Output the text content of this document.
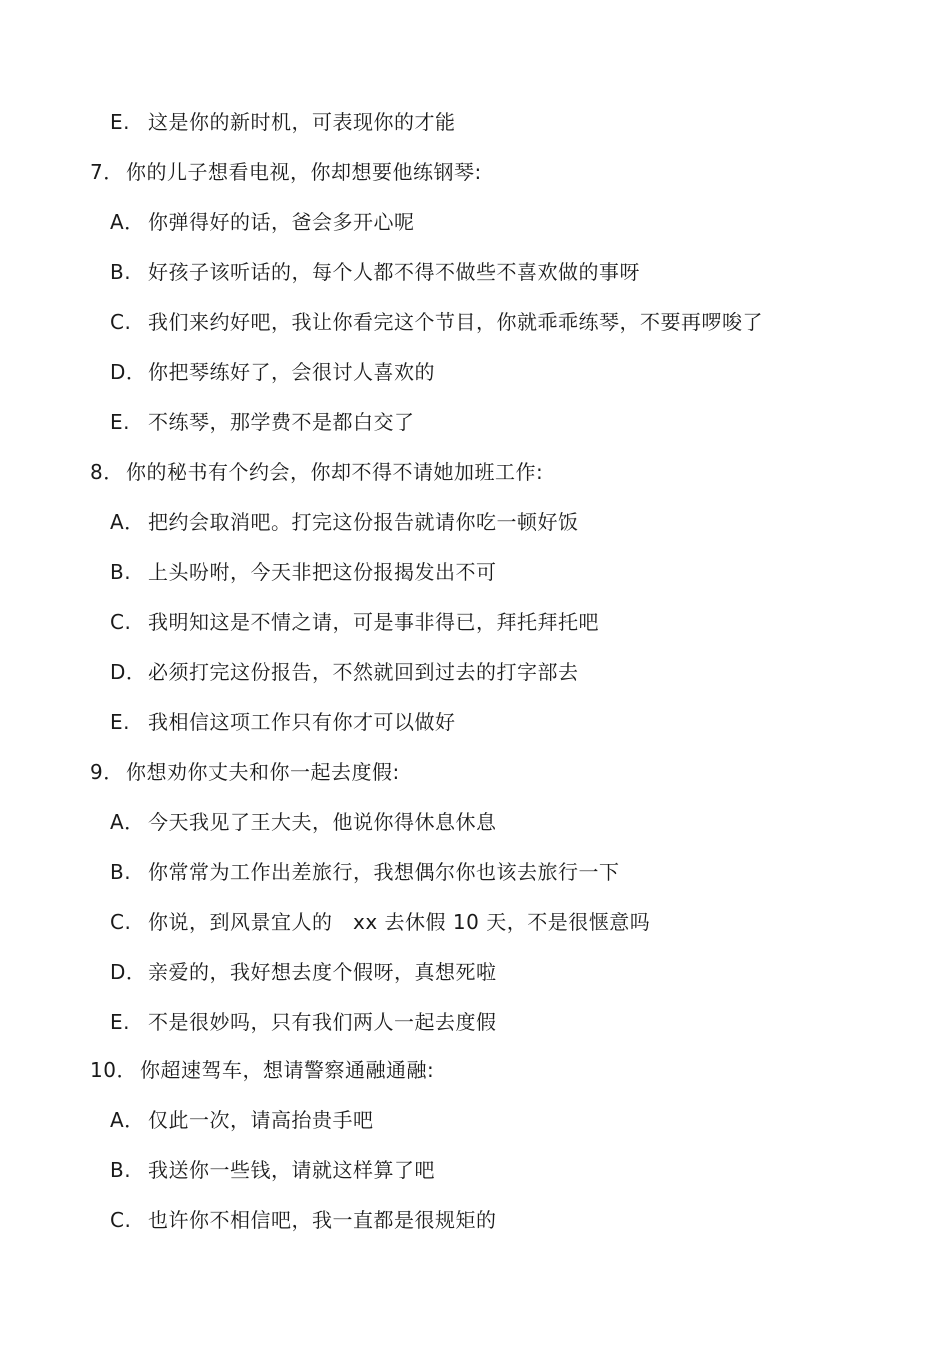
E. 这是你的新时机，可表现你的才能
7． 你的儿子想看电视，你却想要他练钢琴:
A． 你弹得好的话，爸会多开心呢
B. 好孩子该听话的，每个人都不得不做些不喜欢做的事呀
C. 我们来约好吧，我让你看完这个节目，你就乖乖练琴，不要再啰唆了
D．你把琴练好了，会很讨人喜欢的
E. 不练琴，那学费不是都白交了
8． 你的秘书有个约会，你却不得不请她加班工作:
A． 把约会取消吧。打完这份报告就请你吃一顿好饭
B. 上头吩咐，今天非把这份报揭发出不可
C. 我明知这是不情之请，可是事非得已，拜托拜托吧
D．必须打完这份报告，不然就回到过去的打字部去
E. 我相信这项工作只有你才可以做好
9． 你想劝你丈夫和你一起去度假:
A． 今天我见了王大夫，他说你得休息休息
B. 你常常为工作出差旅行，我想偶尔你也该去旅行一下
C. 你说，到风景宜人的　xx 去休假 10 天，不是很惬意吗
D．亲爱的，我好想去度个假呀，真想死啦
E. 不是很妙吗，只有我们两人一起去度假
10． 你超速驾车，想请警察通融通融:
A． 仅此一次，请高抬贵手吧
B. 我送你一些钱，请就这样算了吧
C. 也许你不相信吧，我一直都是很规矩的
